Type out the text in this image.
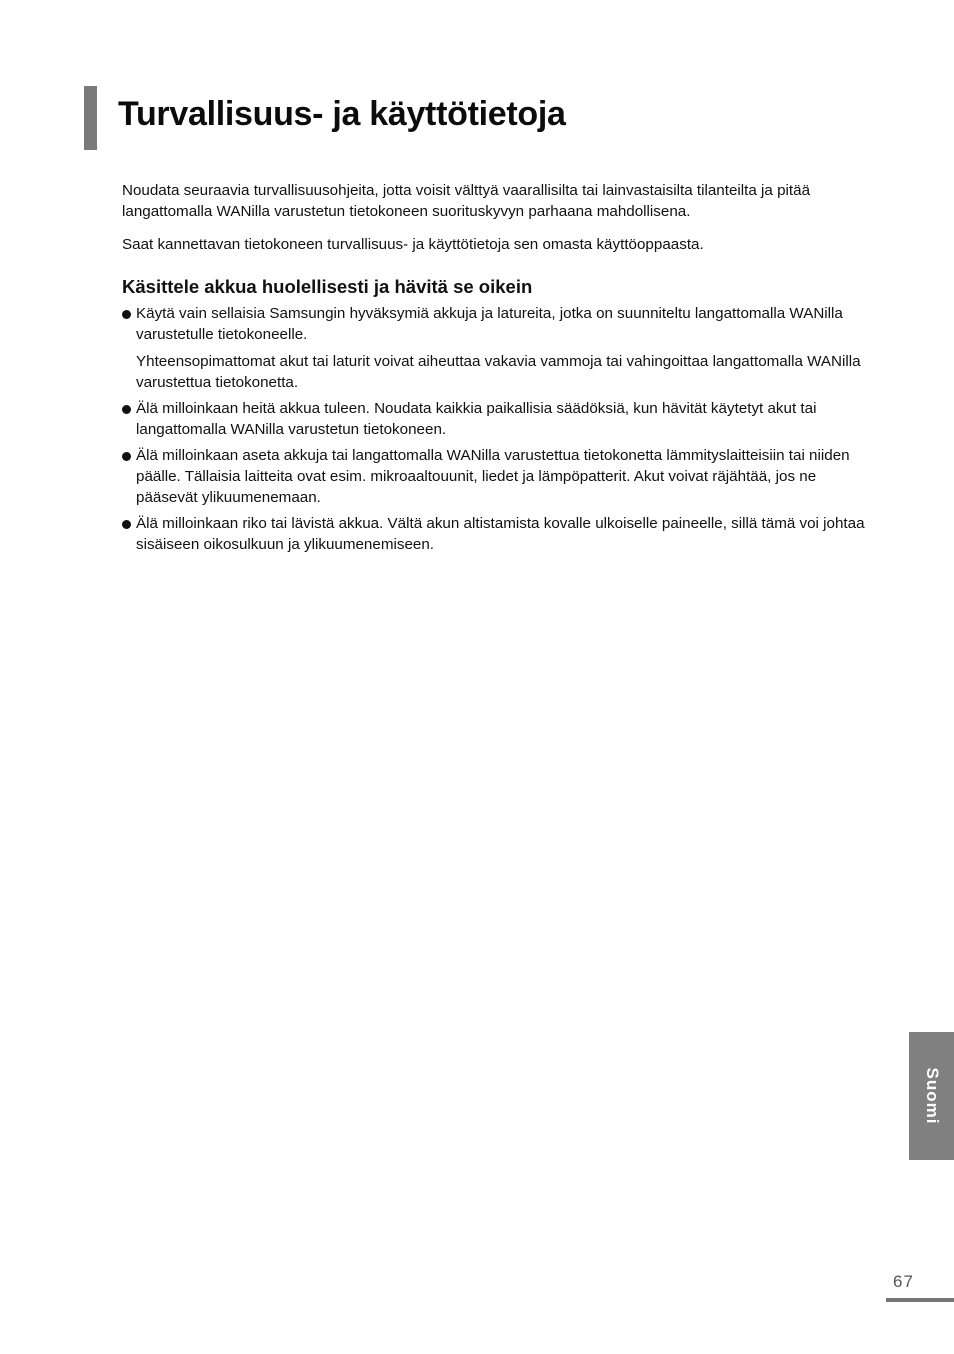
Turvallisuus- ja käyttötietoja

Noudata seuraavia turvallisuusohjeita, jotta voisit välttyä vaarallisilta tai lainvastaisilta tilanteilta ja pitää langattomalla WANilla varustetun tietokoneen suorituskyvyn parhaana mahdollisena.

Saat kannettavan tietokoneen turvallisuus- ja käyttötietoja sen omasta käyttöoppaasta.

Käsittele akkua huolellisesti ja hävitä se oikein
Käytä vain sellaisia Samsungin hyväksymiä akkuja ja latureita, jotka on suunniteltu langattomalla WANilla varustetulle tietokoneelle.
Yhteensopimattomat akut tai laturit voivat aiheuttaa vakavia vammoja tai vahingoittaa langattomalla WANilla varustettua tietokonetta.
Älä milloinkaan heitä akkua tuleen. Noudata kaikkia paikallisia säädöksiä, kun hävität käytetyt akut tai langattomalla WANilla varustetun tietokoneen.
Älä milloinkaan aseta akkuja tai langattomalla WANilla varustettua tietokonetta lämmityslaitteisiin tai niiden päälle. Tällaisia laitteita ovat esim. mikroaaltouunit, liedet ja lämpöpatterit. Akut voivat räjähtää, jos ne pääsevät ylikuumenemaan.
Älä milloinkaan riko tai lävistä akkua. Vältä akun altistamista kovalle ulkoiselle paineelle, sillä tämä voi johtaa sisäiseen oikosulkuun ja ylikuumenemiseen.
Suomi
67
